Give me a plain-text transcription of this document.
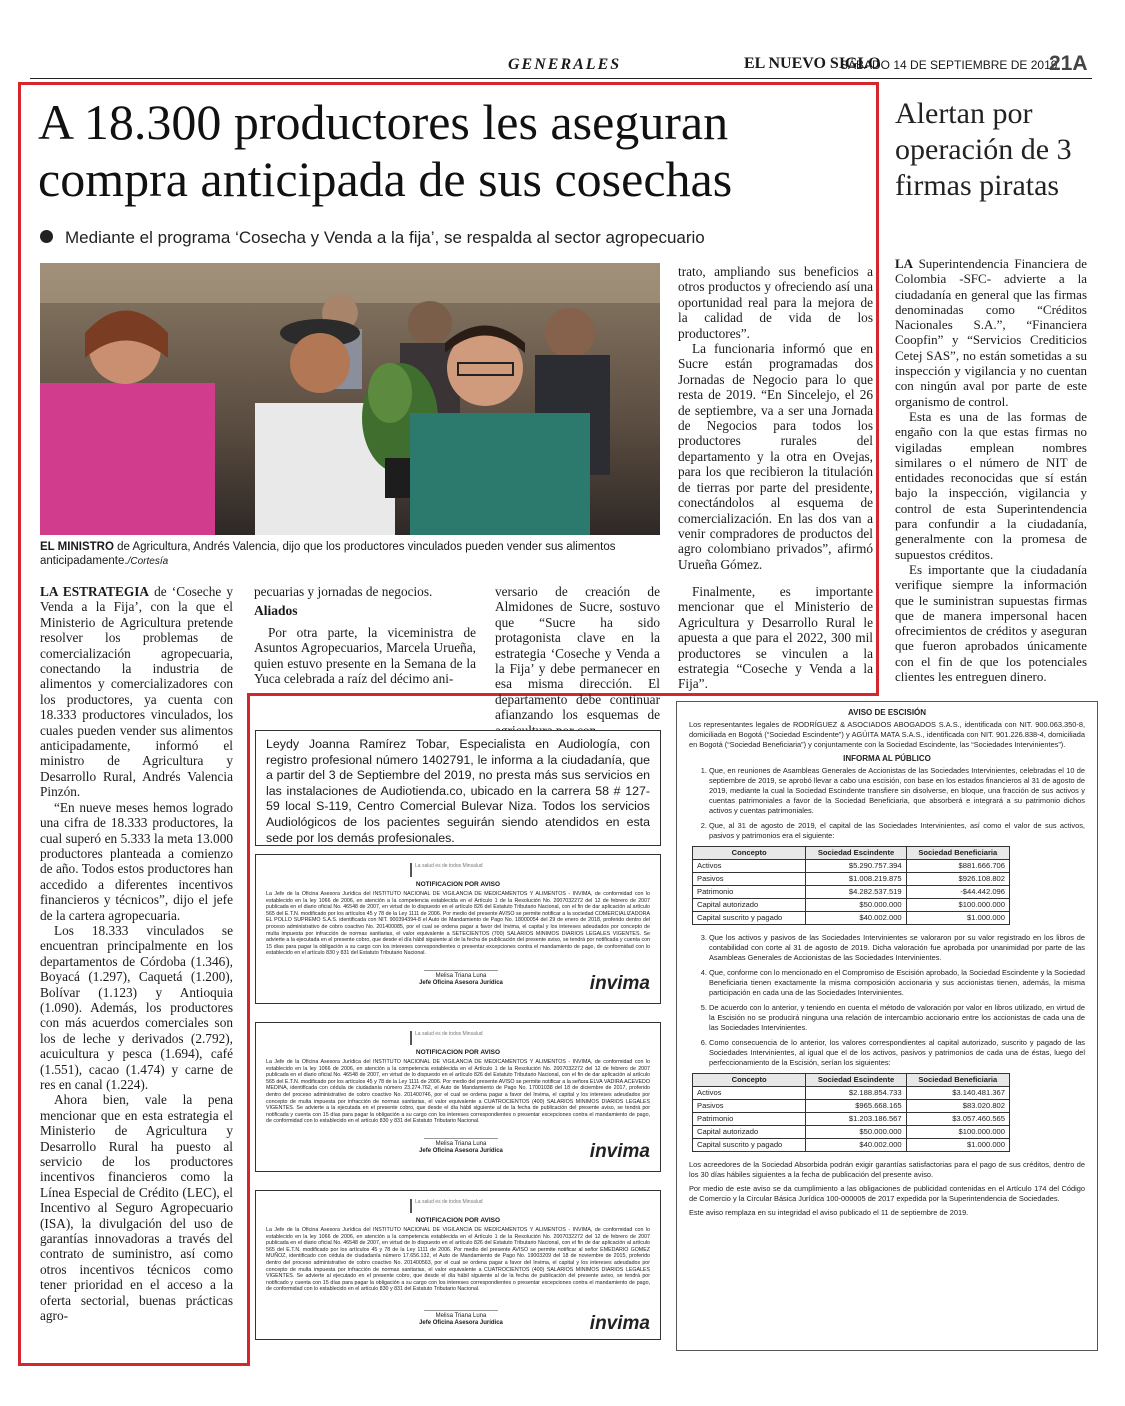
GENERALES	EL NUEVO SIGLO
SÁBADO 14 DE SEPTIEMBRE DE 2019
21A
A 18.300 productores les aseguran compra anticipada de sus cosechas
Mediante el programa ‘Cosecha y Venda a la fija’, se respalda al sector agropecuario
EL MINISTRO de Agricultura, Andrés Valencia, dijo que los productores vinculados pueden vender sus alimentos anticipadamente./Cortesía

trato, ampliando sus beneficios a otros productos y ofreciendo así una oportunidad real para la mejora de la calidad de vida de los productores”.

La funcionaria informó que en Sucre están programadas dos Jornadas de Negocio para lo que resta de 2019. “En Sincelejo, el 26 de septiembre, va a ser una Jornada de Negocios para todos los productores rurales del departamento y la otra en Ovejas, para los que recibieron la titulación de tierras por parte del presidente, conectándolos al esquema de comercialización. En las dos van a venir compradores de productos del agro colombiano privados”, afirmó Urueña Gómez.

LA ESTRATEGIA de ‘Coseche y Venda a la Fija’, con la que el Ministerio de Agricultura pretende resolver los problemas de comercialización agropecuaria, conectando la industria de alimentos y comercializadores con los productores, ya cuenta con 18.333 productores vinculados, los cuales pueden vender sus alimentos anticipadamente, informó el ministro de Agricultura y Desarrollo Rural, Andrés Valencia Pinzón.

“En nueve meses hemos logrado una cifra de 18.333 productores, la cual superó en 5.333 la meta 13.000 productores planteada a comienzo de año. Todos estos productores han accedido a diferentes incentivos financieros y técnicos”, dijo el jefe de la cartera agropecuaria.

Los 18.333 vinculados se encuentran principalmente en los departamentos de Córdoba (1.346), Boyacá (1.297), Caquetá (1.200), Bolívar (1.123) y Antioquia (1.090). Además, los productores con más acuerdos comerciales son los de leche y derivados (2.792), acuicultura y pesca (1.694), café (1.551), cacao (1.474) y carne de res en canal (1.224).

Ahora bien, vale la pena mencionar que en esta estrategia el Ministerio de Agricultura y Desarrollo Rural ha puesto al servicio de los productores incentivos financieros como la Línea Especial de Crédito (LEC), el Incentivo al Seguro Agropecuario (ISA), la divulgación del uso de garantías innovadoras a través del contrato de suministro, así como otros incentivos técnicos como tener prioridad en el acceso a la oferta sectorial, buenas prácticas agro-

pecuarias y jornadas de negocios.

Aliados

Por otra parte, la viceministra de Asuntos Agropecuarios, Marcela Urueña, quien estuvo presente en la Semana de la Yuca celebrada a raíz del décimo ani-

versario de creación de Almidones de Sucre, sostuvo que “Sucre ha sido protagonista clave en la estrategia ‘Coseche y Venda a la Fija’ y debe permanecer en esa misma dirección. El departamento debe continuar afianzando los esquemas de

Finalmente, es importante mencionar que el Ministerio de Agricultura y Desarrollo Rural le apuesta a que para el 2022, 300 mil productores se vinculen a la estrategia “Coseche y Venda a la Fija”.

Alertan por operación de 3 firmas piratas

LA Superintendencia Financiera de Colombia -SFC- advierte a la ciudadanía en general que las firmas denominadas como “Créditos Nacionales S.A.”, “Financiera Coopfin” y “Servicios Crediticios Cetej SAS”, no están sometidas a su inspección y vigilancia y no cuentan con ningún aval por parte de este organismo de control.

Esta es una de las formas de engaño con la que estas firmas no vigiladas emplean nombres similares o el número de NIT de entidades reconocidas que sí están bajo la inspección, vigilancia y control de esta Superintendencia para confundir a la ciudadanía, generalmente con la promesa de supuestos créditos.

Es importante que la ciudadanía verifique siempre la información que le suministran supuestas firmas que de manera impersonal hacen ofrecimientos de créditos y aseguran que fueron aprobados únicamente con el fin de que los potenciales clientes les entreguen dinero.

Leydy Joanna Ramírez Tobar, Especialista en Audiología, con registro profesional número 1402791, le informa a la ciudadanía, que a partir del 3 de Septiembre del 2019, no presta más sus servicios en las instalaciones de Audiotienda.co, ubicado en la carrera 58 # 127-59 local S-119, Centro Comercial Bulevar Niza. Todos los servicios Audiológicos de los pacientes seguirán siendo atendidos en esta sede por los demás profesionales.
La salud es de todos Minsalud
NOTIFICACION POR AVISO
La Jefe de la Oficina Asesora Jurídica del INSTITUTO NACIONAL DE VIGILANCIA DE MEDICAMENTOS Y ALIMENTOS - INVIMA, de conformidad con lo establecido en la ley 1066 de 2006, en atención a la competencia establecida en el Artículo 1 de la Resolución No. 2007032272 del 12 de febrero de 2007 publicada en el diario oficial No. 46548 de 2007, en virtud de lo dispuesto en el artículo 826 del Estatuto Tributario Nacional, con el fin de dar aplicación al artículo 565 del E.T.N. modificado por los artículos 45 y 78 de la Ley 1111 de 2006. Por medio del presente AVISO se permite notificar a la sociedad COMERCIALIZADORA EL POLLO SUPREMO S.A.S. identificada con NIT. 900394394-8 el Auto de Mandamiento de Pago No. 18000054 del 29 de enero de 2018, proferido dentro del proceso administrativo de cobro coactivo No. 201400085, por el cual se ordena pagar a favor del Invima, el capital y los intereses adeudados por concepto de multa impuesta por infracción de normas sanitarias, el valor equivalente a SETECIENTOS (700) SALARIOS MINIMOS DIARIOS LEGALES VIGENTES. Se advierte a la ejecutada en el presente cobro, que desde el día hábil siguiente al de la fecha de publicación del presente aviso, se tendrá por notificada y cuenta con 15 días para pagar la obligación a su cargo con los intereses correspondientes o presentar excepciones contra el mandamiento de pago, de conformidad con lo establecido en el artículo 830 y 831 del Estatuto Tributario Nacional.
Melisa Triana Luna
Jefe Oficina Asesora Jurídica	invima
La salud es de todos Minsalud
NOTIFICACION POR AVISO
La Jefe de la Oficina Asesora Jurídica del INSTITUTO NACIONAL DE VIGILANCIA DE MEDICAMENTOS Y ALIMENTOS - INVIMA, de conformidad con lo establecido en la ley 1066 de 2006, en atención a la competencia establecida en el Artículo 1 de la Resolución No. 2007032272 del 12 de febrero de 2007 publicada en el diario oficial No. 46548 de 2007, en virtud de lo dispuesto en el artículo 826 del Estatuto Tributario Nacional, con el fin de dar aplicación al artículo 565 del E.T.N. modificado por los artículos 45 y 78 de la Ley 1111 de 2006. Por medio del presente AVISO se permite notificar a la señora ELVA VADIRA ACEVEDO MEDINA, identificada con cédula de ciudadanía número 23.274.762, el Auto de Mandamiento de Pago No. 17001038 del 18 de diciembre de 2017, proferido dentro del proceso administrativo de cobro coactivo No. 201400746, por el cual se ordena pagar a favor del Invima, el capital y los intereses adeudados por concepto de multa impuesta por infracción de normas sanitarias, el valor equivalente a CUATROCIENTOS (400) SALARIOS MINIMOS DIARIOS LEGALES VIGENTES. Se advierte a la ejecutada en el presente cobro, que desde el día hábil siguiente al de la fecha de publicación del presente aviso, se tendrá por notificada y cuenta con 15 días para pagar la obligación a su cargo con los intereses correspondientes o presentar excepciones contra el mandamiento de pago, de conformidad con lo establecido en el artículo 830 y 831 del Estatuto Tributario Nacional.
Melisa Triana Luna
Jefe Oficina Asesora Jurídica	invima
La salud es de todos Minsalud
NOTIFICACION POR AVISO
La Jefe de la Oficina Asesora Jurídica del INSTITUTO NACIONAL DE VIGILANCIA DE MEDICAMENTOS Y ALIMENTOS - INVIMA, de conformidad con lo establecido en la ley 1066 de 2006, en atención a la competencia establecida en el Artículo 1 de la Resolución No. 2007032272 del 12 de febrero de 2007 publicada en el diario oficial No. 46548 de 2007, en virtud de lo dispuesto en el artículo 826 del Estatuto Tributario Nacional, con el fin de dar aplicación al artículo 565 del E.T.N. modificado por los artículos 45 y 78 de la Ley 1111 de 2006. Por medio del presente AVISO se permite notificar al señor EMEDARIO GOMEZ MUÑOZ, identificado con cédula de ciudadanía número 17.656.132, el Auto de Mandamiento de Pago No. 19003209 del 18 de noviembre de 2015, proferido dentro del proceso administrativo de cobro coactivo No. 201400563, por el cual se ordena pagar a favor del Invima, el capital y los intereses adeudados por concepto de multa impuesta por infracción de normas sanitarias, el valor equivalente a CUATROCIENTOS (400) SALARIOS MINIMOS DIARIOS LEGALES VIGENTES. Se advierte al ejecutado en el presente cobro, que desde el día hábil siguiente al de la fecha de publicación del presente aviso, se tendrá por notificado y cuenta con 15 días para pagar la obligación a su cargo con los intereses correspondientes o presentar excepciones contra el mandamiento de pago, de conformidad con lo establecido en el artículo 830 y 831 del Estatuto Tributario Nacional.
Melisa Triana Luna
Jefe Oficina Asesora Jurídica	invima
AVISO DE ESCISIÓN
Los representantes legales de RODRÍGUEZ & ASOCIADOS ABOGADOS S.A.S., identificada con NIT. 900.063.350-8, domiciliada en Bogotá (“Sociedad Escindente”) y AGÜITA MATA S.A.S., identificada con NIT. 901.226.838-4, domiciliada en Bogotá (“Sociedad Beneficiaria”) y conjuntamente con la Sociedad Escindente, las “Sociedades Intervinientes”).
INFORMA AL PÚBLICO
1. Que, en reuniones de Asambleas Generales de Accionistas de las Sociedades Intervinientes, celebradas el 10 de septiembre de 2019, se aprobó llevar a cabo una escisión, con base en los estados financieros al 31 de agosto de 2019, mediante la cual la Sociedad Escindente transfiere sin disolverse, en bloque, una fracción de sus activos y cuentas patrimoniales a favor de la Sociedad Beneficiaria, que absorberá e integrará a su patrimonio dichos activos y cuentas patrimoniales.
2. Que, al 31 de agosto de 2019, el capital de las Sociedades Intervinientes, así como el valor de sus activos, pasivos y patrimonios era el siguiente:
Concepto	Sociedad Escindente	Sociedad Beneficiaria
Activos	$5.290.757.394	$881.666.706
Pasivos	$1.008.219.875	$926.108.802
Patrimonio	$4.282.537.519	-$44.442.096
Capital autorizado	$50.000.000	$100.000.000
Capital suscrito y pagado	$40.002.000	$1.000.000
3. Que los activos y pasivos de las Sociedades Intervinientes se valoraron por su valor registrado en los libros de contabilidad con corte al 31 de agosto de 2019. Dicha valoración fue aprobada por unanimidad por parte de las Asambleas Generales de Accionistas de las Sociedades Intervinientes.
4. Que, conforme con lo mencionado en el Compromiso de Escisión aprobado, la Sociedad Escindente y la Sociedad Beneficiaria tienen exactamente la misma composición accionaria y sus accionistas tienen, además, la misma participación en cada una de las Sociedades Intervinientes.
5. De acuerdo con lo anterior, y teniendo en cuenta el método de valoración por valor en libros utilizado, en virtud de la Escisión no se producirá ninguna una relación de intercambio accionario entre los accionistas de cada una de las Sociedades Intervinientes.
6. Como consecuencia de lo anterior, los valores correspondientes al capital autorizado, suscrito y pagado de las Sociedades Intervinientes, al igual que el de los activos, pasivos y patrimonios de cada una de éstas, luego del perfeccionamiento de la Escisión, serían los siguientes:
Concepto	Sociedad Escindente	Sociedad Beneficiaria
Activos	$2.188.854.733	$3.140.481.367
Pasivos	$965.668.165	$83.020.802
Patrimonio	$1.203.186.567	$3.057.460.565
Capital autorizado	$50.000.000	$100.000.000
Capital suscrito y pagado	$40.002.000	$1.000.000
Los acreedores de la Sociedad Absorbida podrán exigir garantías satisfactorias para el pago de sus créditos, dentro de los 30 días hábiles siguientes a la fecha de publicación del presente aviso.
Por medio de este aviso se da cumplimiento a las obligaciones de publicidad contenidas en el Artículo 174 del Código de Comercio y la Circular Básica Jurídica 100-000005 de 2017 expedida por la Superintendencia de Sociedades.
Este aviso remplaza en su integridad el aviso publicado el 11 de septiembre de 2019.
